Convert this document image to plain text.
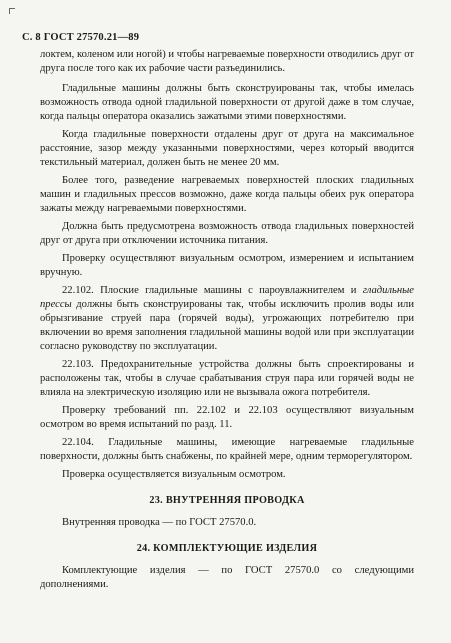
С. 8 ГОСТ 27570.21—89

локтем, коленом или ногой) и чтобы нагреваемые поверхности отводились друг от друга после того как их рабочие части разъединились.

Гладильные машины должны быть сконструированы так, чтобы имелась возможность отвода одной гладильной поверхности от другой даже в том случае, когда пальцы оператора оказались зажатыми этими поверхностями.

Когда гладильные поверхности отдалены друг от друга на максимальное расстояние, зазор между указанными поверхностями, через который вводится текстильный материал, должен быть не менее 20 мм.

Более того, разведение нагреваемых поверхностей плоских гладильных машин и гладильных прессов возможно, даже когда пальцы обеих рук оператора зажаты между нагреваемыми поверхностями.

Должна быть предусмотрена возможность отвода гладильных поверхностей друг от друга при отключении источника питания.

Проверку осуществляют визуальным осмотром, измерением и испытанием вручную.

22.102. Плоские гладильные машины с пароувлажнителем и гладильные прессы должны быть сконструированы так, чтобы исключить пролив воды или обрызгивание струей пара (горячей воды), угрожающих потребителю при включении во время заполнения гладильной машины водой или при эксплуатации согласно руководству по эксплуатации.

22.103. Предохранительные устройства должны быть спроектированы и расположены так, чтобы в случае срабатывания струя пара или горячей воды не влияла на электрическую изоляцию или не вызывала ожога потребителя.

Проверку требований пп. 22.102 и 22.103 осуществляют визуальным осмотром во время испытаний по разд. 11.

22.104. Гладильные машины, имеющие нагреваемые гладильные поверхности, должны быть снабжены, по крайней мере, одним терморегулятором.

Проверка осуществляется визуальным осмотром.

23. ВНУТРЕННЯЯ ПРОВОДКА

Внутренняя проводка — по ГОСТ 27570.0.

24. КОМПЛЕКТУЮЩИЕ ИЗДЕЛИЯ

Комплектующие изделия — по ГОСТ 27570.0 со следующими дополнениями.
